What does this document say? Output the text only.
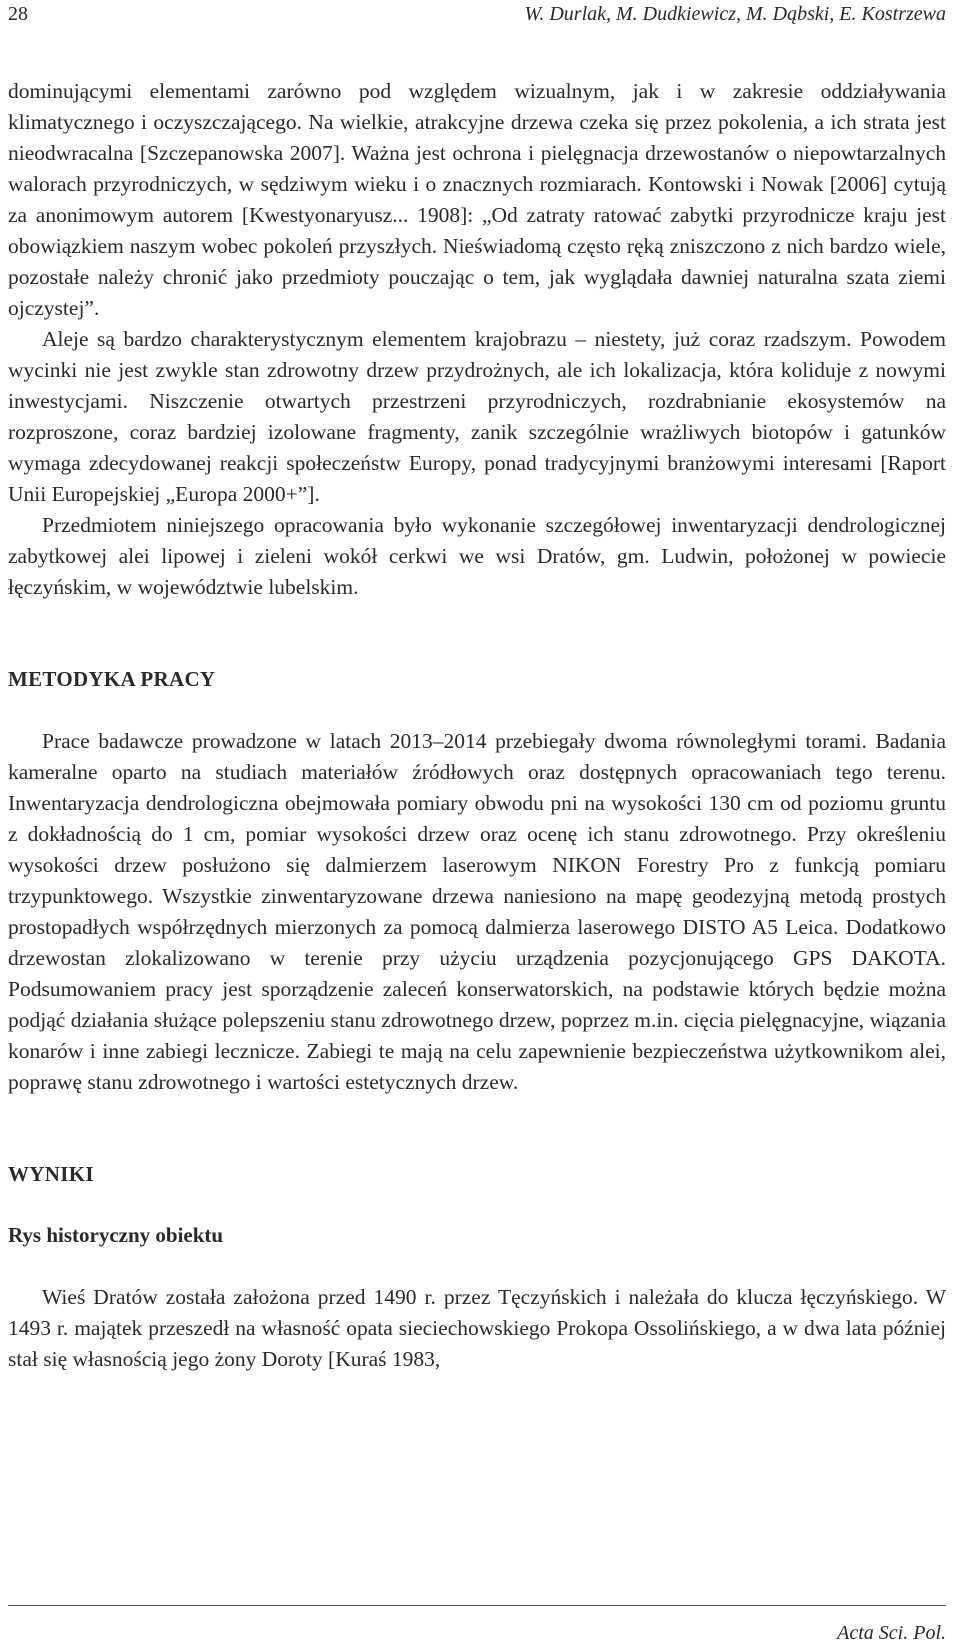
28	W. Durlak, M. Dudkiewicz, M. Dąbski, E. Kostrzewa

dominującymi elementami zarówno pod względem wizualnym, jak i w zakresie oddziaływania klimatycznego i oczyszczającego. Na wielkie, atrakcyjne drzewa czeka się przez pokolenia, a ich strata jest nieodwracalna [Szczepanowska 2007]. Ważna jest ochrona i pielęgnacja drzewostanów o niepowtarzalnych walorach przyrodniczych, w sędziwym wieku i o znacznych rozmiarach. Kontowski i Nowak [2006] cytują za anonimowym autorem [Kwestyonaryusz... 1908]: „Od zatraty ratować zabytki przyrodnicze kraju jest obowiązkiem naszym wobec pokoleń przyszłych. Nieświadomą często ręką zniszczono z nich bardzo wiele, pozostałe należy chronić jako przedmioty pouczając o tem, jak wyglądała dawniej naturalna szata ziemi ojczystej”.

Aleje są bardzo charakterystycznym elementem krajobrazu – niestety, już coraz rzadszym. Powodem wycinki nie jest zwykle stan zdrowotny drzew przydrożnych, ale ich lokalizacja, która koliduje z nowymi inwestycjami. Niszczenie otwartych przestrzeni przyrodniczych, rozdrabnianie ekosystemów na rozproszone, coraz bardziej izolowane fragmenty, zanik szczególnie wrażliwych biotopów i gatunków wymaga zdecydowanej reakcji społeczeństw Europy, ponad tradycyjnymi branżowymi interesami [Raport Unii Europejskiej „Europa 2000+”].

Przedmiotem niniejszego opracowania było wykonanie szczegółowej inwentaryzacji dendrologicznej zabytkowej alei lipowej i zieleni wokół cerkwi we wsi Dratów, gm. Ludwin, położonej w powiecie łęczyńskim, w województwie lubelskim.

METODYKA PRACY

Prace badawcze prowadzone w latach 2013–2014 przebiegały dwoma równoległymi torami. Badania kameralne oparto na studiach materiałów źródłowych oraz dostępnych opracowaniach tego terenu. Inwentaryzacja dendrologiczna obejmowała pomiary obwodu pni na wysokości 130 cm od poziomu gruntu z dokładnością do 1 cm, pomiar wysokości drzew oraz ocenę ich stanu zdrowotnego. Przy określeniu wysokości drzew posłużono się dalmierzem laserowym NIKON Forestry Pro z funkcją pomiaru trzypunktowego. Wszystkie zinwentaryzowane drzewa naniesiono na mapę geodezyjną metodą prostych prostopadłych współrzędnych mierzonych za pomocą dalmierza laserowego DISTO A5 Leica. Dodatkowo drzewostan zlokalizowano w terenie przy użyciu urządzenia pozycjonującego GPS DAKOTA. Podsumowaniem pracy jest sporządzenie zaleceń konserwatorskich, na podstawie których będzie można podjąć działania służące polepszeniu stanu zdrowotnego drzew, poprzez m.in. cięcia pielęgnacyjne, wiązania konarów i inne zabiegi lecznicze. Zabiegi te mają na celu zapewnienie bezpieczeństwa użytkownikom alei, poprawę stanu zdrowotnego i wartości estetycznych drzew.

WYNIKI
Rys historyczny obiektu

Wieś Dratów została założona przed 1490 r. przez Tęczyńskich i należała do klucza łęczyńskiego. W 1493 r. majątek przeszedł na własność opata sieciechowskiego Prokopa Ossolińskiego, a w dwa lata później stał się własnością jego żony Doroty [Kuraś 1983,

Acta Sci. Pol.
